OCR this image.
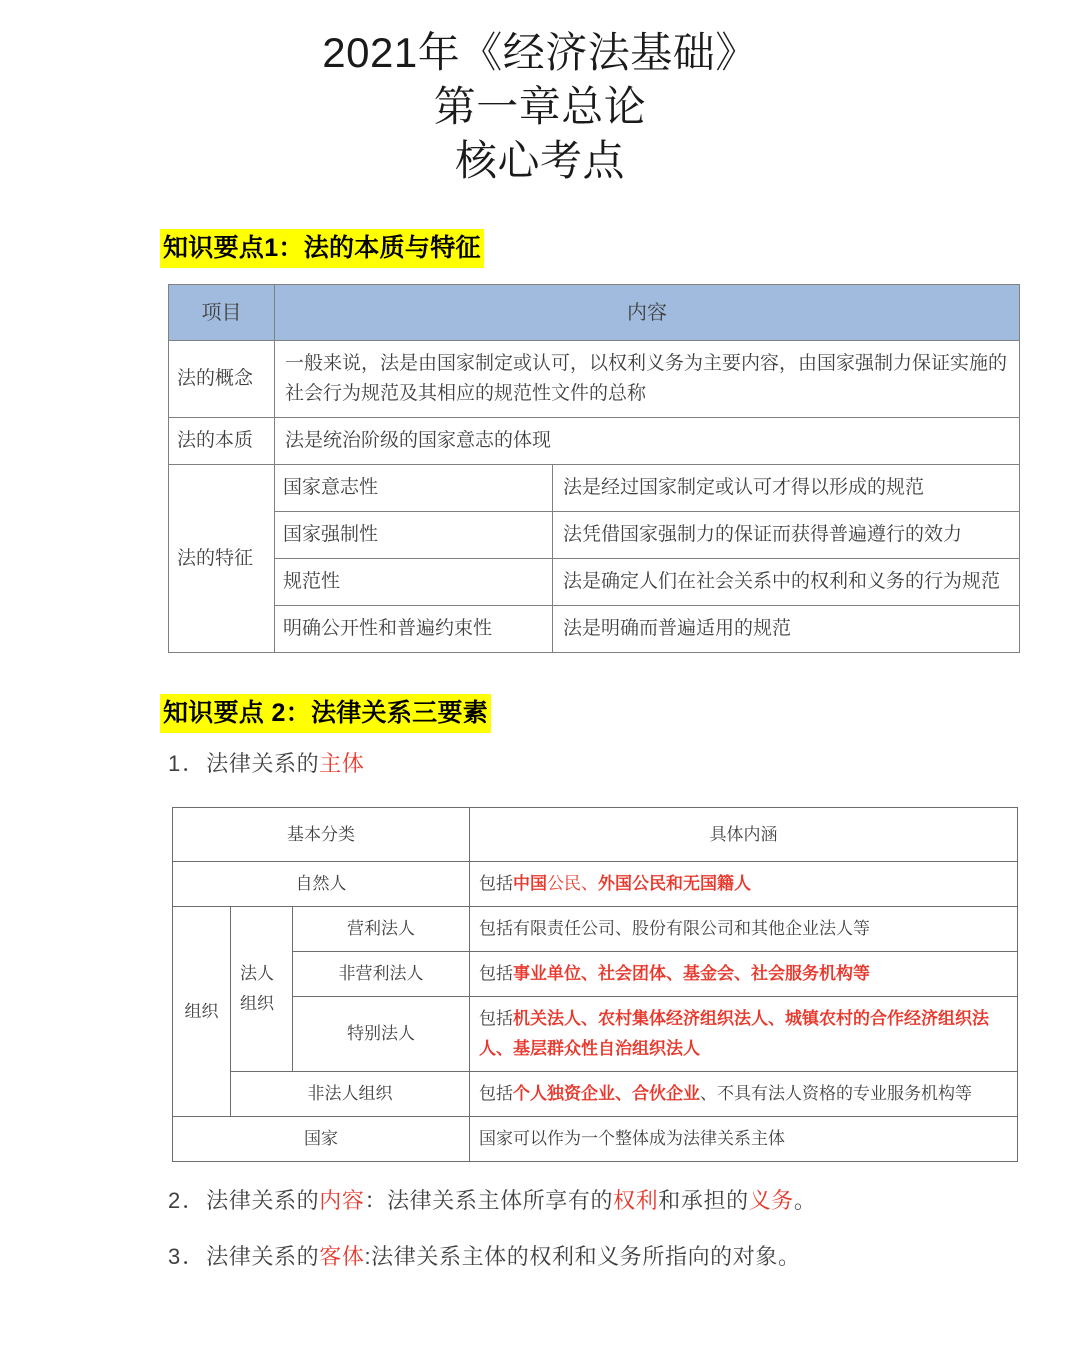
2021年《经济法基础》
第一章总论
核心考点
知识要点1：法的本质与特征
项目	内容	
法的概念	一般来说，法是由国家制定或认可，以权利义务为主要内容，由国家强制力保证实施的社会行为规范及其相应的规范性文件的总称	
法的本质	法是统治阶级的国家意志的体现	
法的特征	国家意志性	法是经过国家制定或认可才得以形成的规范
	国家强制性	法凭借国家强制力的保证而获得普遍遵行的效力
	规范性	法是确定人们在社会关系中的权利和义务的行为规范
	明确公开性和普遍约束性	法是明确而普遍适用的规范
知识要点 2：法律关系三要素
1．法律关系的主体
基本分类			具体内涵
自然人			包括中国公民、外国公民和无国籍人
组织	法人组织	营利法人	包括有限责任公司、股份有限公司和其他企业法人等
		非营利法人	包括事业单位、社会团体、基金会、社会服务机构等
		特别法人	包括机关法人、农村集体经济组织法人、城镇农村的合作经济组织法人、基层群众性自治组织法人
	非法人组织		包括个人独资企业、合伙企业、不具有法人资格的专业服务机构等
国家			国家可以作为一个整体成为法律关系主体
2．法律关系的内容：法律关系主体所享有的权利和承担的义务。
3．法律关系的客体:法律关系主体的权利和义务所指向的对象。
